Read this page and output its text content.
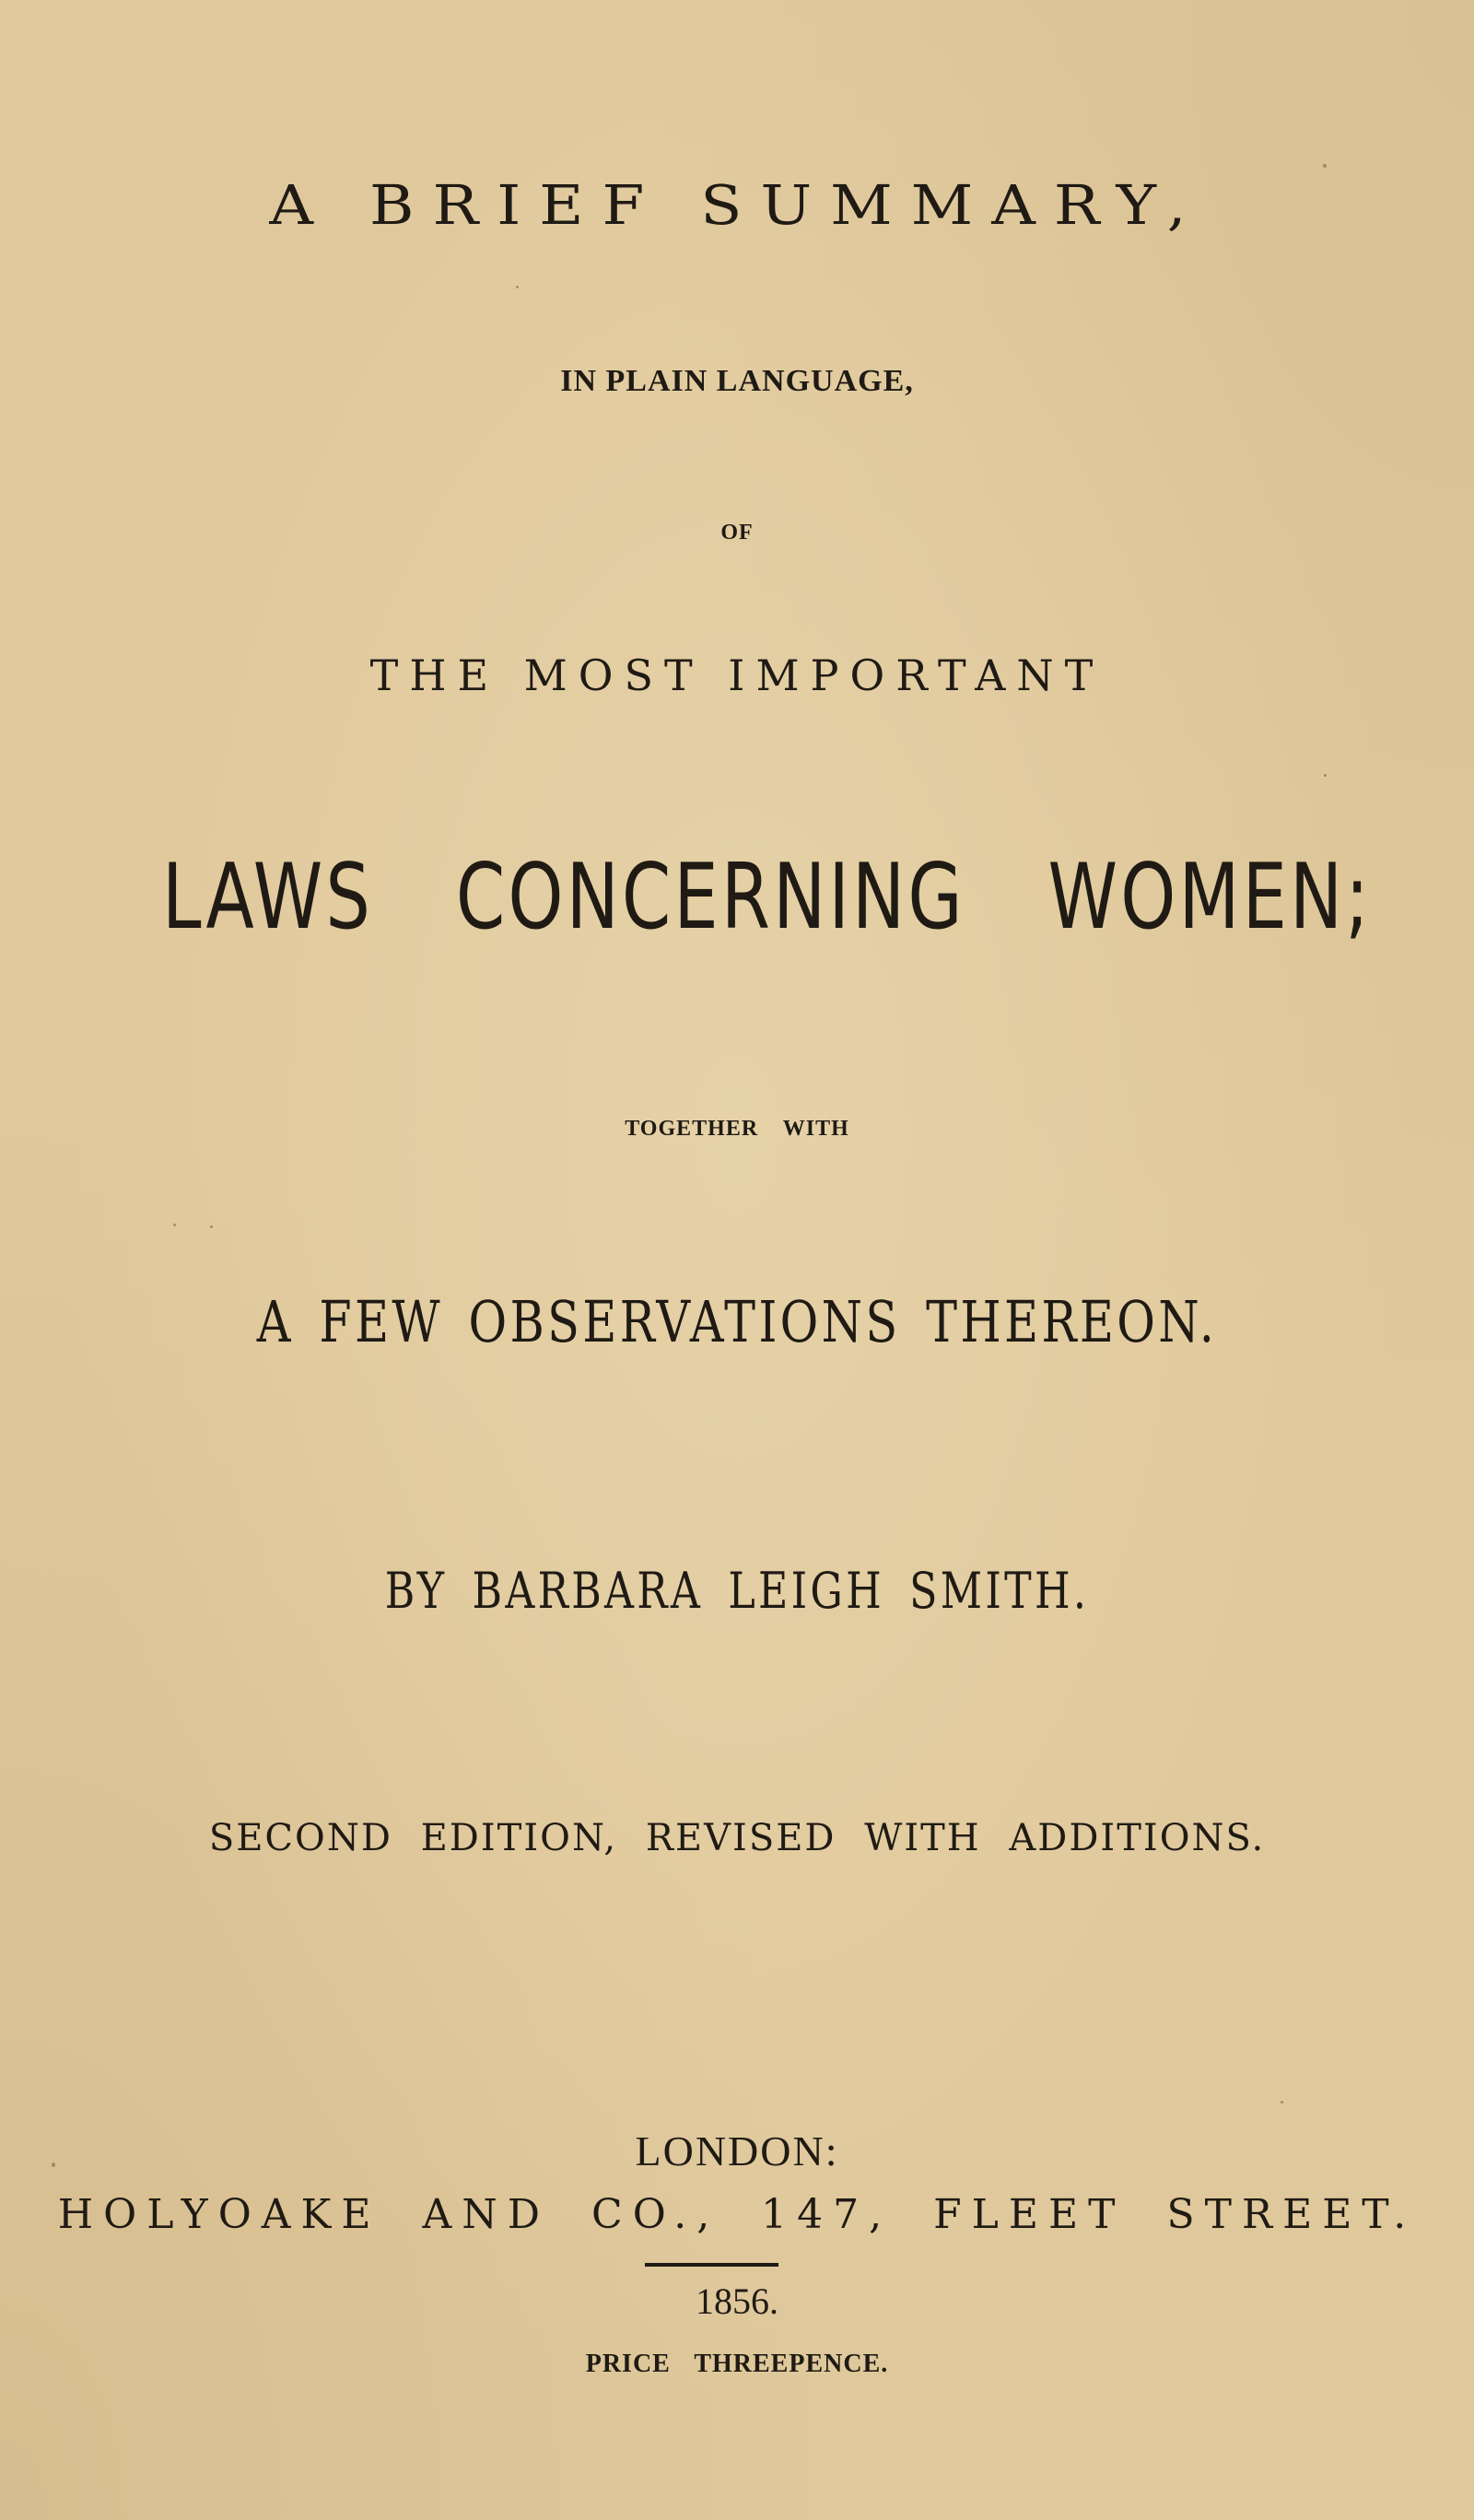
A BRIEF SUMMARY,
IN PLAIN LANGUAGE,
OF
THE MOST IMPORTANT
LAWS CONCERNING WOMEN;
TOGETHER WITH
A FEW OBSERVATIONS THEREON.
BY BARBARA LEIGH SMITH.
SECOND EDITION, REVISED WITH ADDITIONS.
LONDON:
HOLYOAKE AND CO., 147, FLEET STREET.
1856.
PRICE THREEPENCE.
